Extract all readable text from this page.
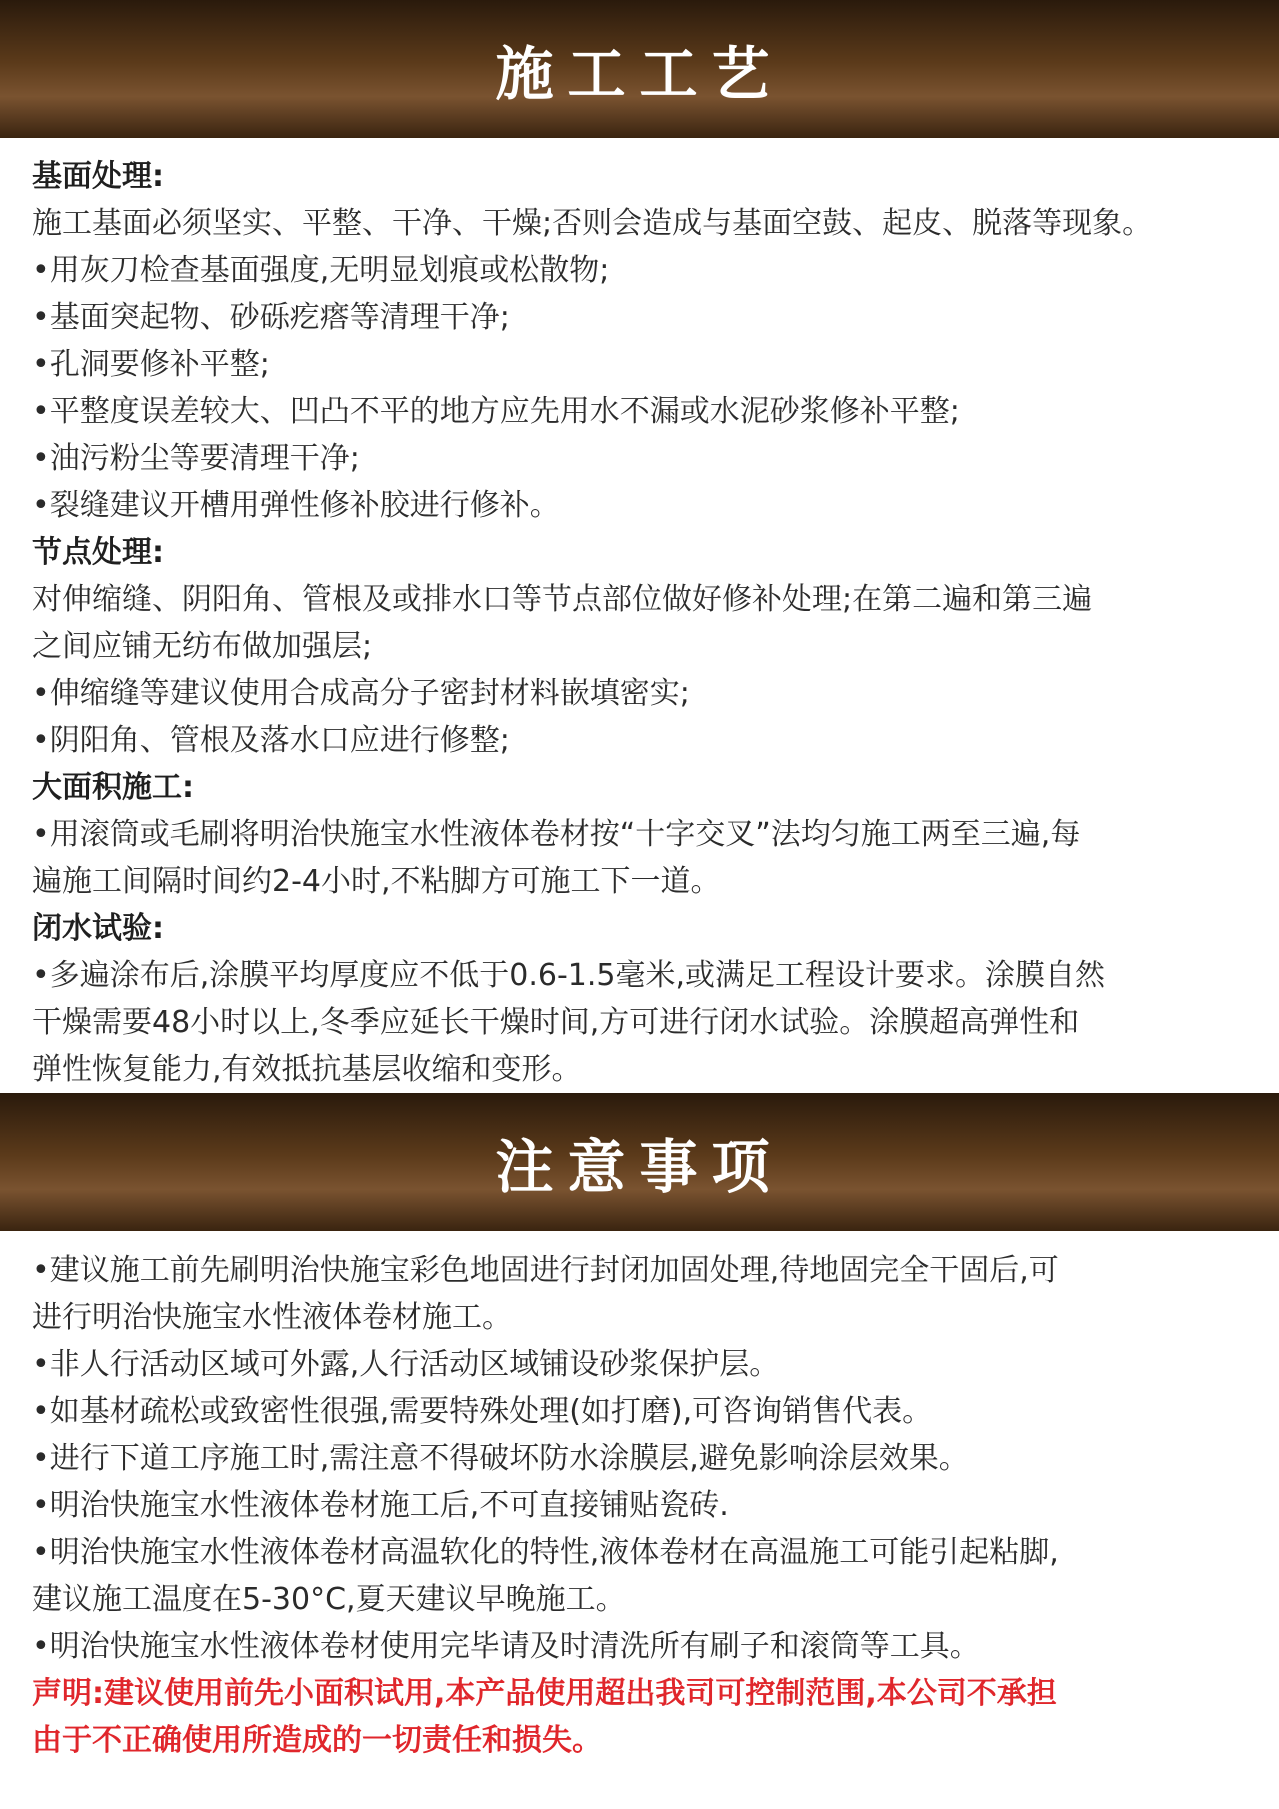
施工工艺

基面处理:

施工基面必须坚实、平整、干净、干燥;否则会造成与基面空鼓、起皮、脱落等现象。

•用灰刀检查基面强度,无明显划痕或松散物;

•基面突起物、砂砾疙瘩等清理干净;

•孔洞要修补平整;

•平整度误差较大、凹凸不平的地方应先用水不漏或水泥砂浆修补平整;

•油污粉尘等要清理干净;

•裂缝建议开槽用弹性修补胶进行修补。

节点处理:

对伸缩缝、阴阳角、管根及或排水口等节点部位做好修补处理;在第二遍和第三遍

之间应铺无纺布做加强层;

•伸缩缝等建议使用合成高分子密封材料嵌填密实;

•阴阳角、管根及落水口应进行修整;

大面积施工:

•用滚筒或毛刷将明治快施宝水性液体卷材按“十字交叉”法均匀施工两至三遍,每

遍施工间隔时间约2-4小时,不粘脚方可施工下一道。

闭水试验:

•多遍涂布后,涂膜平均厚度应不低于0.6-1.5毫米,或满足工程设计要求。涂膜自然

干燥需要48小时以上,冬季应延长干燥时间,方可进行闭水试验。涂膜超高弹性和

弹性恢复能力,有效抵抗基层收缩和变形。

注意事项

•建议施工前先刷明治快施宝彩色地固进行封闭加固处理,待地固完全干固后,可

进行明治快施宝水性液体卷材施工。

•非人行活动区域可外露,人行活动区域铺设砂浆保护层。

•如基材疏松或致密性很强,需要特殊处理(如打磨),可咨询销售代表。

•进行下道工序施工时,需注意不得破坏防水涂膜层,避免影响涂层效果。

•明治快施宝水性液体卷材施工后,不可直接铺贴瓷砖.

•明治快施宝水性液体卷材高温软化的特性,液体卷材在高温施工可能引起粘脚,

建议施工温度在5-30°C,夏天建议早晚施工。

•明治快施宝水性液体卷材使用完毕请及时清洗所有刷子和滚筒等工具。

声明:建议使用前先小面积试用,本产品使用超出我司可控制范围,本公司不承担

由于不正确使用所造成的一切责任和损失。
